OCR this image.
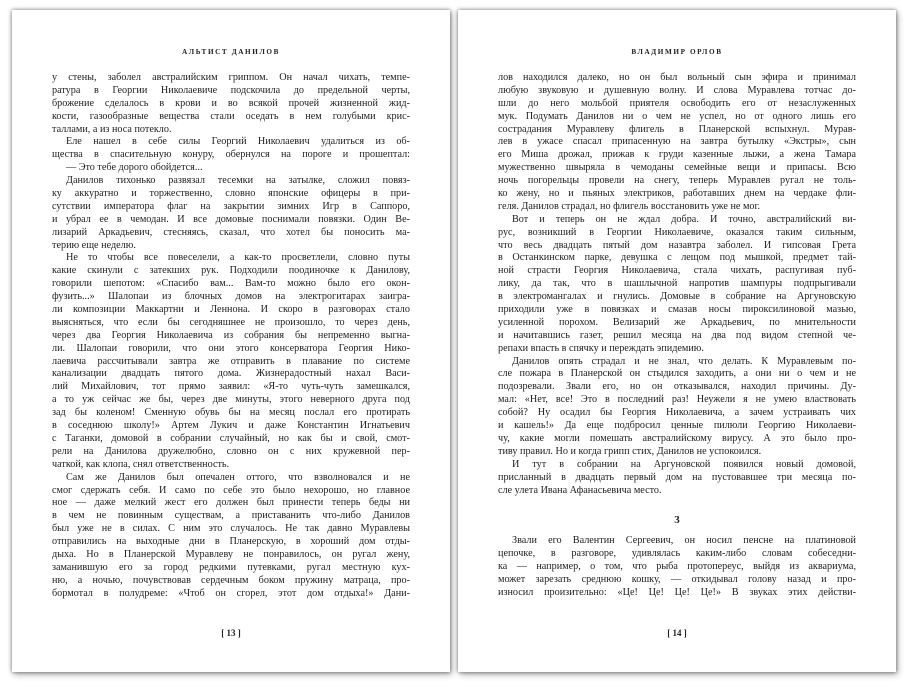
АЛЬТИСТ ДАНИЛОВ
у стены, заболел австралийским гриппом. Он начал чихать, темпе-
ратура в Георгии Николаевиче подскочила до предельной черты,
брожение сделалось в крови и во всякой прочей жизненной жид-
кости, газообразные вещества стали оседать в нем голубыми крис-
таллами, а из носа потекло.
Еле нашел в себе силы Георгий Николаевич удалиться из об-
щества в спасительную конуру, обернулся на пороге и прошептал:
— Это тебе дорого обойдется...
Данилов тихонько развязал тесемки на затылке, сложил повяз-
ку аккуратно и торжественно, словно японские офицеры в при-
сутствии императора флаг на закрытии зимних Игр в Саппоро,
и убрал ее в чемодан. И все домовые поснимали повязки. Один Ве-
лизарий Аркадьевич, стесняясь, сказал, что хотел бы поносить ма-
терию еще неделю.
Не то чтобы все повеселели, а как-то просветлели, словно путы
какие скинули с затекших рук. Подходили поодиночке к Данилову,
говорили шепотом: «Спасибо вам... Вам-то можно было его окон-
фузить...» Шалопаи из блочных домов на электрогитарах заигра-
ли композиции Маккартни и Леннона. И скоро в разговорах стало
выясняться, что если бы сегодняшнее не произошло, то через день,
через два Георгия Николаевича из собрания бы непременно выгна-
ли. Шалопаи говорили, что они этого консерватора Георгия Нико-
лаевича рассчитывали завтра же отправить в плавание по системе
канализации двадцать пятого дома. Жизнерадостный нахал Васи-
лий Михайлович, тот прямо заявил: «Я-то чуть-чуть замешкался,
а то уж сейчас же бы, через две минуты, этого неверного друга под
зад бы коленом! Сменную обувь бы на месяц послал его протирать
в соседнюю школу!» Артем Лукич и даже Константин Игнатьевич
с Таганки, домовой в собрании случайный, но как бы и свой, смот-
рели на Данилова дружелюбно, словно он с них кружевной пер-
чаткой, как клопа, снял ответственность.
Сам же Данилов был опечален оттого, что взволновался и не
смог сдержать себя. И само по себе это было нехорошо, но главное
ное — даже мелкий жест его должен был принести теперь беды ни
в чем не повинным существам, а приставанить что-либо Данилов
был уже не в силах. С ним это случалось. Не так давно Муравлевы
отправились на выходные дни в Планерскую, в хороший дом отды-
дыха. Но в Планерской Муравлеву не понравилось, он ругал жену,
заманившую его за город редкими путевками, ругал местную кух-
ню, а ночью, почувствовав сердечным боком пружину матраца, про-
бормотал в полудреме: «Чтоб он сгорел, этот дом отдыха!» Дани-
[ 13 ]
ВЛАДИМИР ОРЛОВ
лов находился далеко, но он был вольный сын эфира и принимал
любую звуковую и душевную волну. И слова Муравлева тотчас до-
шли до него мольбой приятеля освободить его от незаслуженных
мук. Подумать Данилов ни о чем не успел, но от одного лишь его
сострадания Муравлеву флигель в Планерской вспыхнул. Мурав-
лев в ужасе спасал припасенную на завтра бутылку «Экстры», сын
его Миша дрожал, прижав к груди казенные лыжи, а жена Тамара
мужественно швыряла в чемоданы семейные вещи и припасы. Всю
ночь погорельцы провели на снегу, теперь Муравлев ругал не толь-
ко жену, но и пьяных электриков, работавших днем на чердаке фли-
геля. Данилов страдал, но флигель восстановить уже не мог.
Вот и теперь он не ждал добра. И точно, австралийский ви-
рус, возникший в Георгии Николаевиче, оказался таким сильным,
что весь двадцать пятый дом назавтра заболел. И гипсовая Грета
в Останкинском парке, девушка с лещом под мышкой, предмет тай-
ной страсти Георгия Николаевича, стала чихать, распугивая пуб-
лику, да так, что в шашлычной напротив шампуры подпрыгивали
в электромангалах и гнулись. Домовые в собрание на Аргуновскую
приходили уже в повязках и смазав носы пироксилиновой мазью,
усиленной порохом. Велизарий же Аркадьевич, по мнительности
и начитавшись газет, решил месяца на два под видом степной че-
репахи впасть в спячку и переждать эпидемию.
Данилов опять страдал и не знал, что делать. К Муравлевым по-
сле пожара в Планерской он стыдился заходить, а они ни о чем и не
подозревали. Звали его, но он отказывался, находил причины. Ду-
мал: «Нет, все! Это в последний раз! Неужели я не умею властвовать
собой? Ну осадил бы Георгия Николаевича, а зачем устраивать чих
и кашель!» Да еще подбросил ценные пилюли Георгию Николаеви-
чу, какие могли помешать австралийскому вирусу. А это было про-
тиву правил. Но и когда грипп стих, Данилов не успокоился.
И тут в собрании на Аргуновской появился новый домовой,
присланный в двадцать первый дом на пустовавшее три месяца по-
сле улета Ивана Афанасьевича место.
3
Звали его Валентин Сергеевич, он носил пенсне на платиновой
цепочке, в разговоре, удивлялась каким-либо словам собеседни-
ка — например, о том, что рыба протопереус, выйдя из аквариума,
может зарезать среднюю кошку, — откидывал голову назад и про-
износил произительно: «Це! Це! Це! Це!» В звуках этих действи-
[ 14 ]
